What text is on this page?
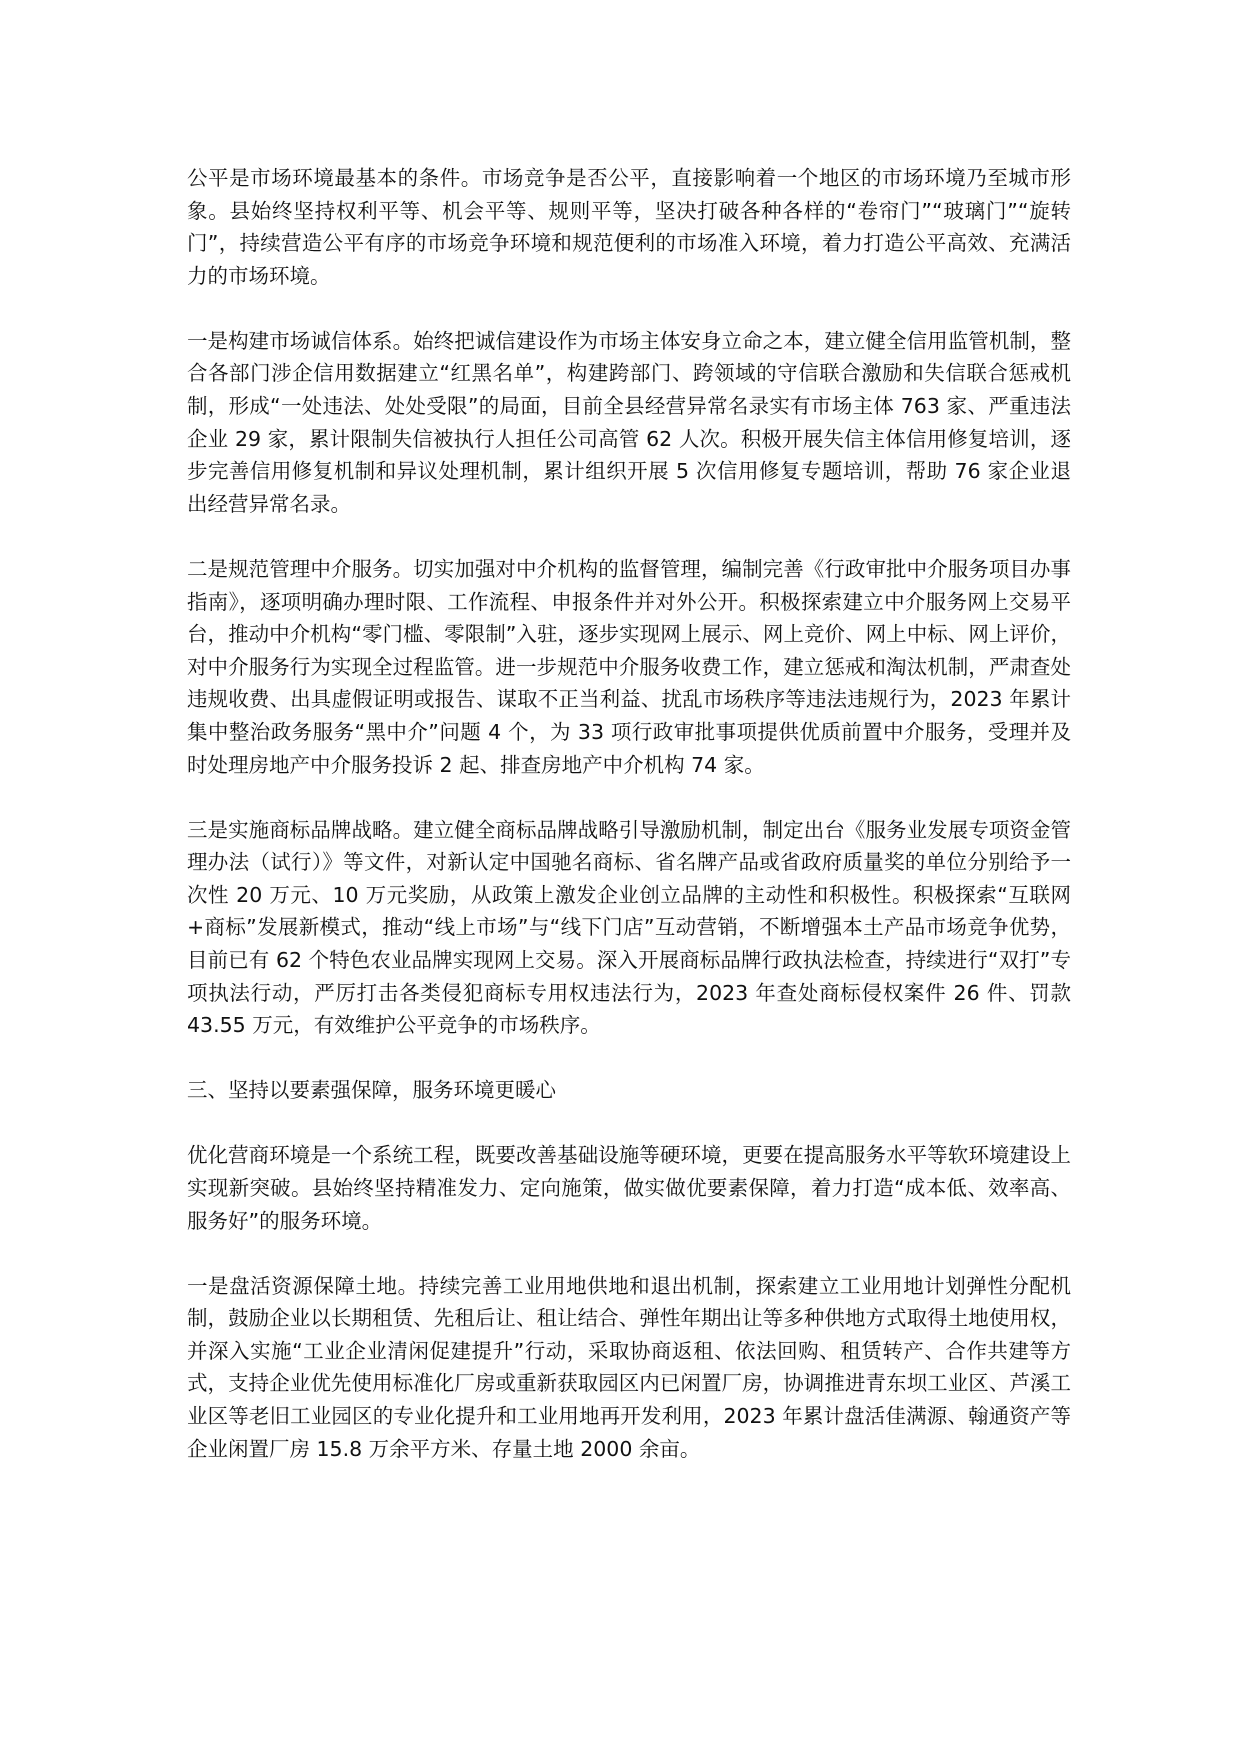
公平是市场环境最基本的条件。市场竞争是否公平，直接影响着一个地区的市场环境乃至城市形象。县始终坚持权利平等、机会平等、规则平等，坚决打破各种各样的“卷帘门”“玻璃门”“旋转门”，持续营造公平有序的市场竞争环境和规范便利的市场准入环境，着力打造公平高效、充满活力的市场环境。

一是构建市场诚信体系。始终把诚信建设作为市场主体安身立命之本，建立健全信用监管机制，整合各部门涉企信用数据建立“红黑名单”，构建跨部门、跨领域的守信联合激励和失信联合惩戒机制，形成“一处违法、处处受限”的局面，目前全县经营异常名录实有市场主体 763 家、严重违法企业 29 家，累计限制失信被执行人担任公司高管 62 人次。积极开展失信主体信用修复培训，逐步完善信用修复机制和异议处理机制，累计组织开展 5 次信用修复专题培训，帮助 76 家企业退出经营异常名录。

二是规范管理中介服务。切实加强对中介机构的监督管理，编制完善《行政审批中介服务项目办事指南》，逐项明确办理时限、工作流程、申报条件并对外公开。积极探索建立中介服务网上交易平台，推动中介机构“零门槛、零限制”入驻，逐步实现网上展示、网上竞价、网上中标、网上评价，对中介服务行为实现全过程监管。进一步规范中介服务收费工作，建立惩戒和淘汰机制，严肃查处违规收费、出具虚假证明或报告、谋取不正当利益、扰乱市场秩序等违法违规行为，2023 年累计集中整治政务服务“黑中介”问题 4 个，为 33 项行政审批事项提供优质前置中介服务，受理并及时处理房地产中介服务投诉 2 起、排查房地产中介机构 74 家。

三是实施商标品牌战略。建立健全商标品牌战略引导激励机制，制定出台《服务业发展专项资金管理办法（试行）》等文件，对新认定中国驰名商标、省名牌产品或省政府质量奖的单位分别给予一次性 20 万元、10 万元奖励，从政策上激发企业创立品牌的主动性和积极性。积极探索“互联网+商标”发展新模式，推动“线上市场”与“线下门店”互动营销，不断增强本土产品市场竞争优势，目前已有 62 个特色农业品牌实现网上交易。深入开展商标品牌行政执法检查，持续进行“双打”专项执法行动，严厉打击各类侵犯商标专用权违法行为，2023 年查处商标侵权案件 26 件、罚款 43.55 万元，有效维护公平竞争的市场秩序。

三、坚持以要素强保障，服务环境更暖心

优化营商环境是一个系统工程，既要改善基础设施等硬环境，更要在提高服务水平等软环境建设上实现新突破。县始终坚持精准发力、定向施策，做实做优要素保障，着力打造“成本低、效率高、服务好”的服务环境。

一是盘活资源保障土地。持续完善工业用地供地和退出机制，探索建立工业用地计划弹性分配机制，鼓励企业以长期租赁、先租后让、租让结合、弹性年期出让等多种供地方式取得土地使用权，并深入实施“工业企业清闲促建提升”行动，采取协商返租、依法回购、租赁转产、合作共建等方式，支持企业优先使用标准化厂房或重新获取园区内已闲置厂房，协调推进青东坝工业区、芦溪工业区等老旧工业园区的专业化提升和工业用地再开发利用，2023 年累计盘活佳满源、翰通资产等企业闲置厂房 15.8 万余平方米、存量土地 2000 余亩。
